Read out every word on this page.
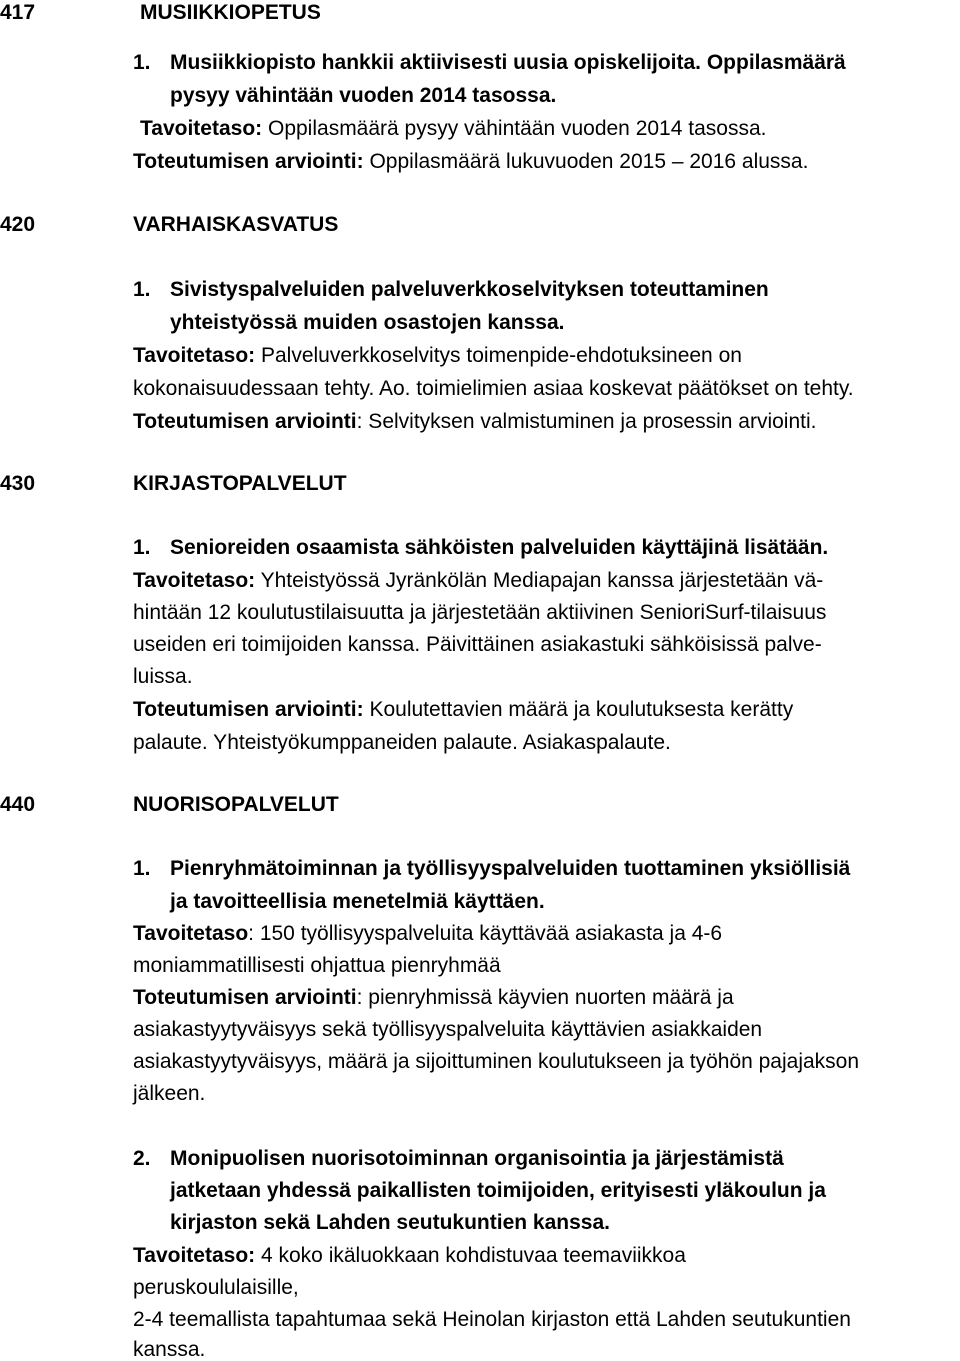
417	MUSIIKKIOPETUS
1. Musiikkiopisto hankkii aktiivisesti uusia opiskelijoita. Oppilasmäärä
pysyy vähintään vuoden 2014 tasossa.
Tavoitetaso: Oppilasmäärä pysyy vähintään vuoden 2014 tasossa.
Toteutumisen arviointi: Oppilasmäärä lukuvuoden 2015 – 2016 alussa.
420	VARHAISKASVATUS
1. Sivistyspalveluiden palveluverkkoselvityksen toteuttaminen
yhteistyössä muiden osastojen kanssa.
Tavoitetaso: Palveluverkkoselvitys toimenpide-ehdotuksineen on
kokonaisuudessaan tehty. Ao. toimielimien asiaa koskevat päätökset on tehty.
Toteutumisen arviointi: Selvityksen valmistuminen ja prosessin arviointi.
430	KIRJASTOPALVELUT
1. Senioreiden osaamista sähköisten palveluiden käyttäjinä lisätään.
Tavoitetaso: Yhteistyössä Jyränkölän Mediapajan kanssa järjestetään vä-
hintään 12 koulutustilaisuutta ja järjestetään aktiivinen SenioriSurf-tilaisuus
useiden eri toimijoiden kanssa. Päivittäinen asiakastuki sähköisissä palve-
luissa.
Toteutumisen arviointi: Koulutettavien määrä ja koulutuksesta kerätty
palaute. Yhteistyökumppaneiden palaute. Asiakaspalaute.
440	NUORISOPALVELUT
1. Pienryhmätoiminnan ja työllisyyspalveluiden tuottaminen yksiöllisiä
ja tavoitteellisia menetelmiä käyttäen.
Tavoitetaso: 150 työllisyyspalveluita käyttävää asiakasta ja 4-6
moniammatillisesti ohjattua pienryhmää
Toteutumisen arviointi: pienryhmissä käyvien nuorten määrä ja
asiakastyytyväisyys sekä työllisyyspalveluita käyttävien asiakkaiden
asiakastyytyväisyys, määrä ja sijoittuminen koulutukseen ja työhön pajajakson
jälkeen.
2. Monipuolisen nuorisotoiminnan organisointia ja järjestämistä
jatketaan yhdessä paikallisten toimijoiden, erityisesti yläkoulun ja
kirjaston sekä Lahden seutukuntien kanssa.
Tavoitetaso: 4 koko ikäluokkaan kohdistuvaa teemaviikkoa
peruskoululaisille,
2-4 teemallista tapahtumaa sekä Heinolan kirjaston että Lahden seutukuntien
kanssa.
